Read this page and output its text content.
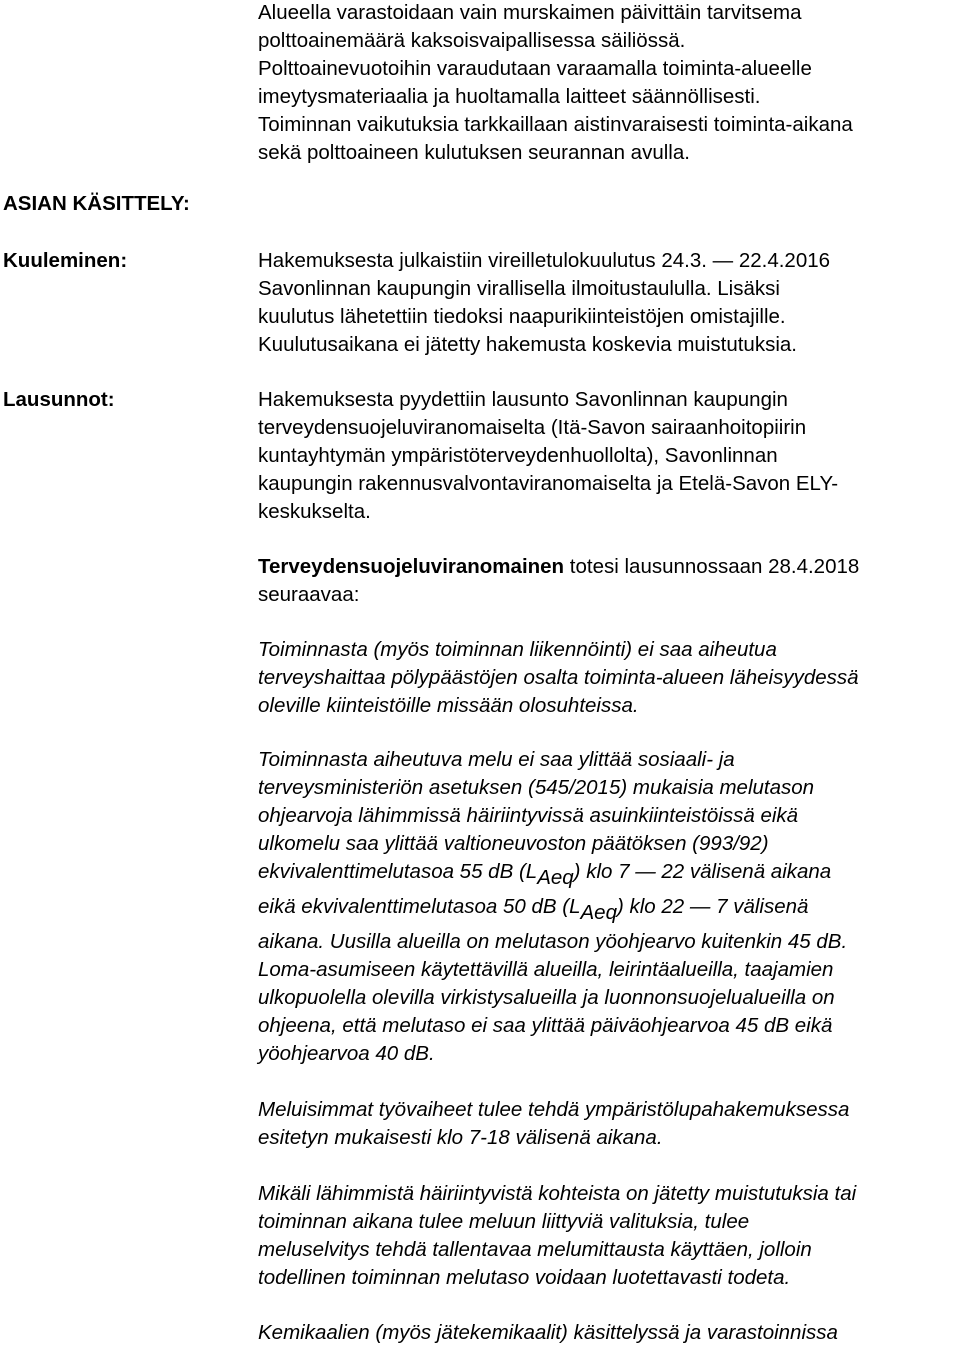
Alueella varastoidaan vain murskaimen päivittäin tarvitsema
polttoainemäärä kaksoisvaipallisessa säiliössä.
Polttoainevuotoihin varaudutaan varaamalla toiminta-alueelle
imeytysmateriaalia ja huoltamalla laitteet säännöllisesti.
Toiminnan vaikutuksia tarkkaillaan aistinvaraisesti toiminta-aikana
sekä polttoaineen kulutuksen seurannan avulla.
ASIAN KÄSITTELY:
Kuuleminen:	Hakemuksesta julkaistiin vireilletulokuulutus 24.3. — 22.4.2016
Savonlinnan kaupungin virallisella ilmoitustaululla. Lisäksi
kuulutus lähetettiin tiedoksi naapurikiinteistöjen omistajille.
Kuulutusaikana ei jätetty hakemusta koskevia muistutuksia.
Lausunnot:	Hakemuksesta pyydettiin lausunto Savonlinnan kaupungin
terveydensuojeluviranomaiselta (Itä-Savon sairaanhoitopiirin
kuntayhtymän ympäristöterveydenhuollolta), Savonlinnan
kaupungin rakennusvalvontaviranomaiselta ja Etelä-Savon ELY-
keskukselta.
Terveydensuojeluviranomainen totesi lausunnossaan 28.4.2018
seuraavaa:
Toiminnasta (myös toiminnan liikennöinti) ei saa aiheutua
terveyshaittaa pölypäästöjen osalta toiminta-alueen läheisyydessä
oleville kiinteistöille missään olosuhteissa.
Toiminnasta aiheutuva melu ei saa ylittää sosiaali- ja
terveysministeriön asetuksen (545/2015) mukaisia melutason
ohjearvoja lähimmissä häiriintyvissä asuinkiinteistöissä eikä
ulkomelu saa ylittää valtioneuvoston päätöksen (993/92)
ekvivalenttimelutasoa 55 dB (LAeq) klo 7 — 22 välisenä aikana
eikä ekvivalenttimelutasoa 50 dB (LAeq) klo 22 — 7 välisenä
aikana. Uusilla alueilla on melutason yöohjearvo kuitenkin 45 dB.
Loma-asumiseen käytettävillä alueilla, leirintäalueilla, taajamien
ulkopuolella olevilla virkistysalueilla ja luonnonsuojelualueilla on
ohjeena, että melutaso ei saa ylittää päiväohjearvoa 45 dB eikä
yöohjearvoa 40 dB.
Meluisimmat työvaiheet tulee tehdä ympäristölupahakemuksessa
esitetyn mukaisesti klo 7-18 välisenä aikana.
Mikäli lähimmistä häiriintyvistä kohteista on jätetty muistutuksia tai
toiminnan aikana tulee meluun liittyviä valituksia, tulee
meluselvitys tehdä tallentavaa melumittausta käyttäen, jolloin
todellinen toiminnan melutaso voidaan luotettavasti todeta.
Kemikaalien (myös jätekemikaalit) käsittelyssä ja varastoinnissa
